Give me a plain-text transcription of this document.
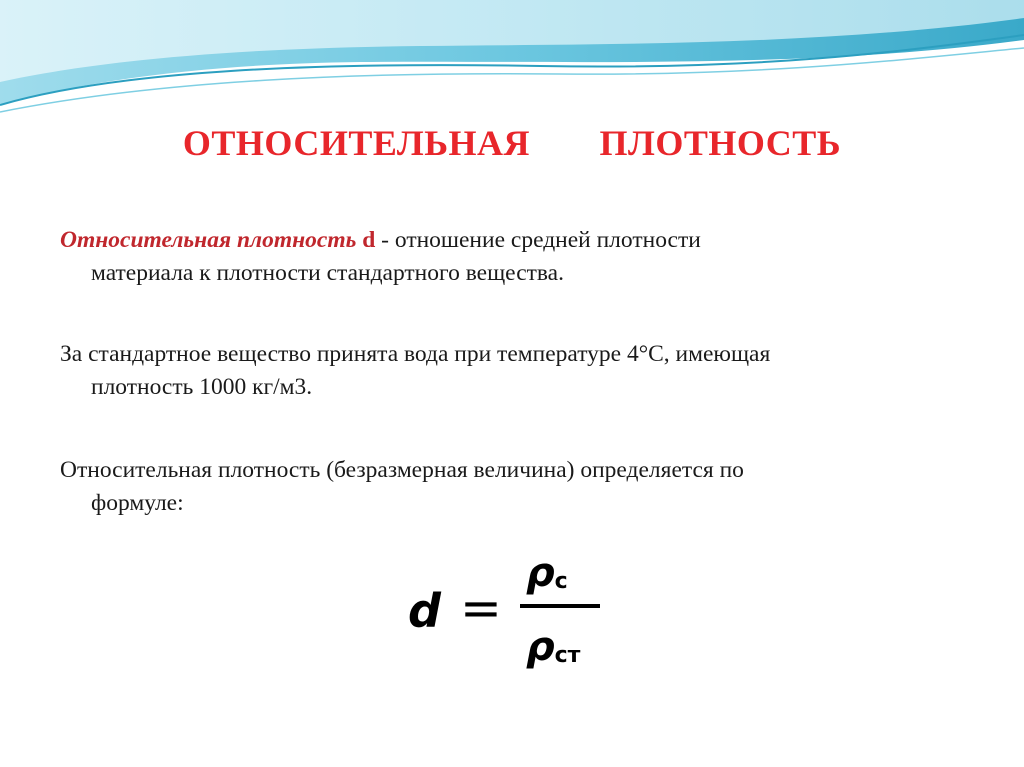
ОТНОСИТЕЛЬНАЯ ПЛОТНОСТЬ
Относительная плотность d - отношение средней плотности
материала к плотности стандартного вещества.
За стандартное вещество принята вода при температуре 4°С, имеющая
плотность 1000 кг/м3.
Относительная плотность (безразмерная величина) определяется по
формуле:
d =
$\rho_c$
$\rho_{ст}$
